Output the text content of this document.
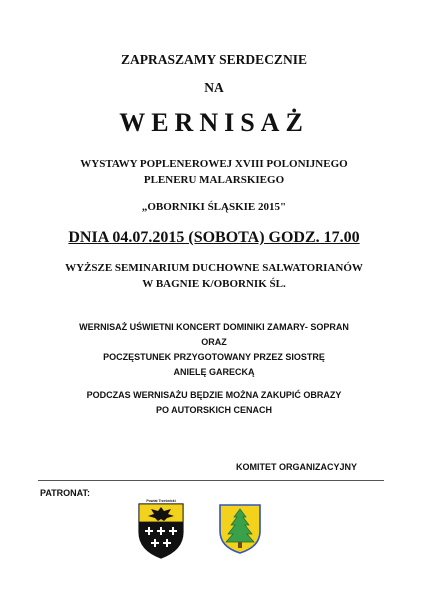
ZAPRASZAMY SERDECZNIE
NA
WERNISAŻ
WYSTAWY POPLENEROWEJ XVIII POLONIJNEGO
PLENERU MALARSKIEGO
„OBORNIKI ŚLĄSKIE 2015"
DNIA 04.07.2015 (SOBOTA) GODZ. 17.00
WYŻSZE SEMINARIUM DUCHOWNE SALWATORIANÓW
W BAGNIE K/OBORNIK ŚL.
WERNISAŻ UŚWIETNI KONCERT DOMINIKI ZAMARY- SOPRAN
ORAZ
POCZĘSTUNEK PRZYGOTOWANY PRZEZ SIOSTRĘ
ANIELĘ GARECKĄ
PODCZAS WERNISAŻU BĘDZIE MOŻNA ZAKUPIĆ OBRAZY
PO AUTORSKICH CENACH
KOMITET ORGANIZACYJNY
PATRONAT:
Powiat Trzebnicki
